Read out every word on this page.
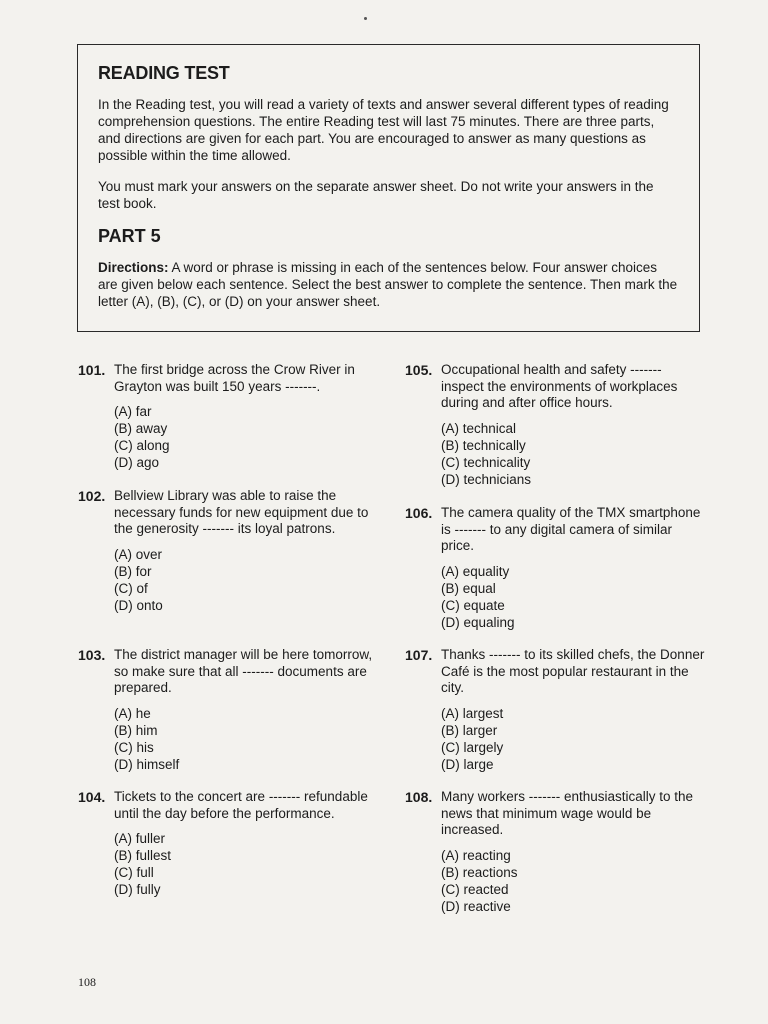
READING TEST

In the Reading test, you will read a variety of texts and answer several different types of reading comprehension questions. The entire Reading test will last 75 minutes. There are three parts, and directions are given for each part. You are encouraged to answer as many questions as possible within the time allowed.

You must mark your answers on the separate answer sheet. Do not write your answers in the test book.

PART 5

Directions: A word or phrase is missing in each of the sentences below. Four answer choices are given below each sentence. Select the best answer to complete the sentence. Then mark the letter (A), (B), (C), or (D) on your answer sheet.

101. The first bridge across the Crow River in Grayton was built 150 years -------.
(A) far
(B) away
(C) along
(D) ago
102. Bellview Library was able to raise the necessary funds for new equipment due to the generosity ------- its loyal patrons.
(A) over
(B) for
(C) of
(D) onto
103. The district manager will be here tomorrow, so make sure that all ------- documents are prepared.
(A) he
(B) him
(C) his
(D) himself
104. Tickets to the concert are ------- refundable until the day before the performance.
(A) fuller
(B) fullest
(C) full
(D) fully
105. Occupational health and safety ------- inspect the environments of workplaces during and after office hours.
(A) technical
(B) technically
(C) technicality
(D) technicians
106. The camera quality of the TMX smartphone is ------- to any digital camera of similar price.
(A) equality
(B) equal
(C) equate
(D) equaling
107. Thanks ------- to its skilled chefs, the Donner Café is the most popular restaurant in the city.
(A) largest
(B) larger
(C) largely
(D) large
108. Many workers ------- enthusiastically to the news that minimum wage would be increased.
(A) reacting
(B) reactions
(C) reacted
(D) reactive
108
